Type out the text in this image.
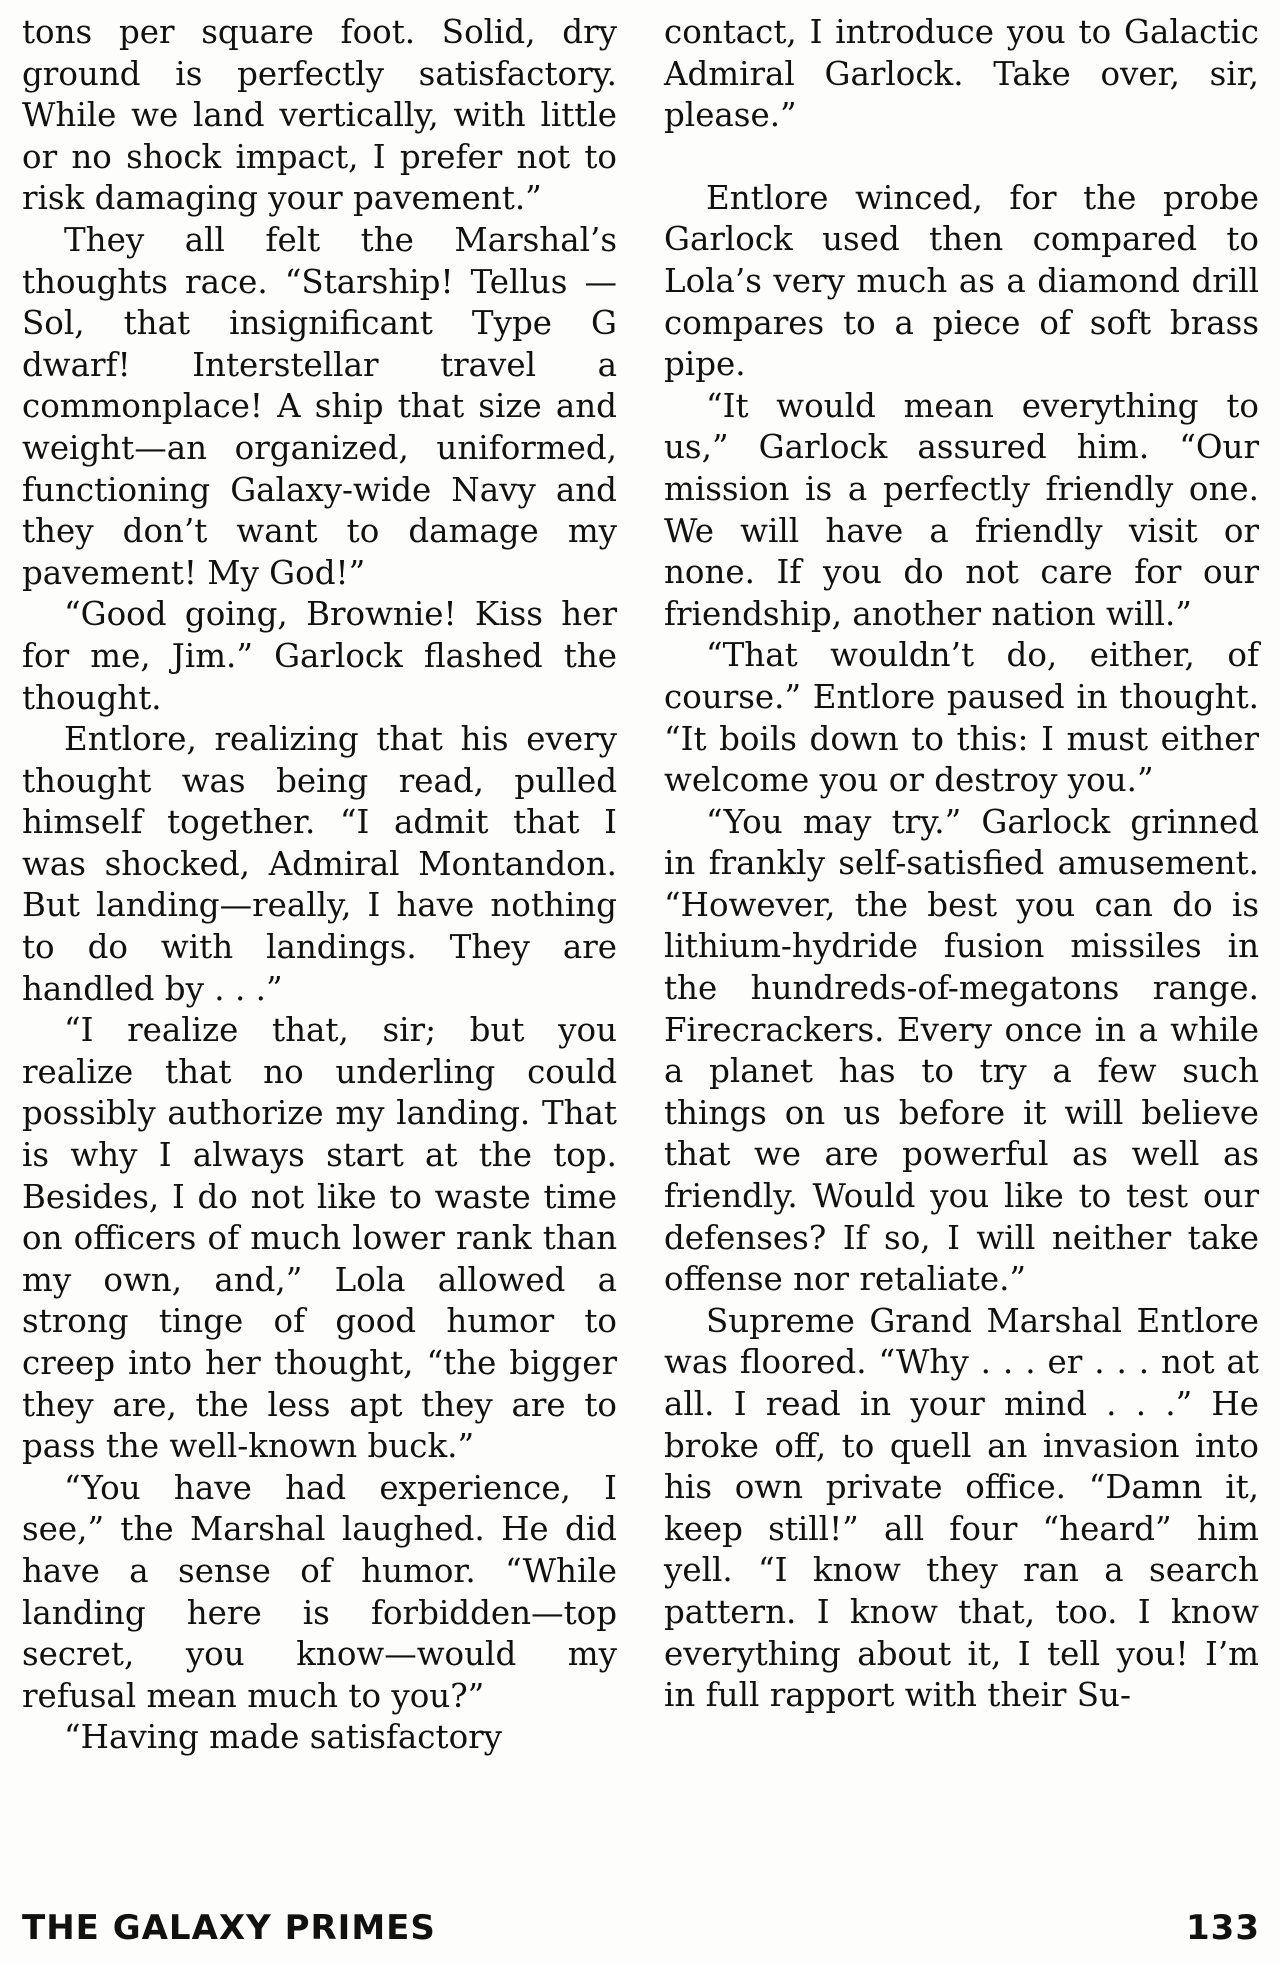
tons per square foot. Solid, dry ground is perfectly satisfactory. While we land vertically, with little or no shock impact, I prefer not to risk damaging your pavement.”

They all felt the Marshal’s thoughts race. “Starship! Tellus —Sol, that insignificant Type G dwarf! Interstellar travel a commonplace! A ship that size and weight—an organized, uniformed, functioning Galaxy-wide Navy and they don’t want to damage my pavement! My God!”

“Good going, Brownie! Kiss her for me, Jim.” Garlock flashed the thought.

Entlore, realizing that his every thought was being read, pulled himself together. “I admit that I was shocked, Admiral Montandon. But landing—really, I have nothing to do with landings. They are handled by . . .”

“I realize that, sir; but you realize that no underling could possibly authorize my landing. That is why I always start at the top. Besides, I do not like to waste time on officers of much lower rank than my own, and,” Lola allowed a strong tinge of good humor to creep into her thought, “the bigger they are, the less apt they are to pass the well-known buck.”

“You have had experience, I see,” the Marshal laughed. He did have a sense of humor. “While landing here is forbidden—top secret, you know—would my refusal mean much to you?”

“Having made satisfactory

contact, I introduce you to Galactic Admiral Garlock. Take over, sir, please.”

Entlore winced, for the probe Garlock used then compared to Lola’s very much as a diamond drill compares to a piece of soft brass pipe.

“It would mean everything to us,” Garlock assured him. “Our mission is a perfectly friendly one. We will have a friendly visit or none. If you do not care for our friendship, another nation will.”

“That wouldn’t do, either, of course.” Entlore paused in thought. “It boils down to this: I must either welcome you or destroy you.”

“You may try.” Garlock grinned in frankly self-satisfied amusement. “However, the best you can do is lithium-hydride fusion missiles in the hundreds-of-megatons range. Firecrackers. Every once in a while a planet has to try a few such things on us before it will believe that we are powerful as well as friendly. Would you like to test our defenses? If so, I will neither take offense nor retaliate.”

Supreme Grand Marshal Entlore was floored. “Why . . . er . . . not at all. I read in your mind . . .” He broke off, to quell an invasion into his own private office. “Damn it, keep still!” all four “heard” him yell. “I know they ran a search pattern. I know that, too. I know everything about it, I tell you! I’m in full rapport with their Su-

THE GALAXY PRIMES	133
